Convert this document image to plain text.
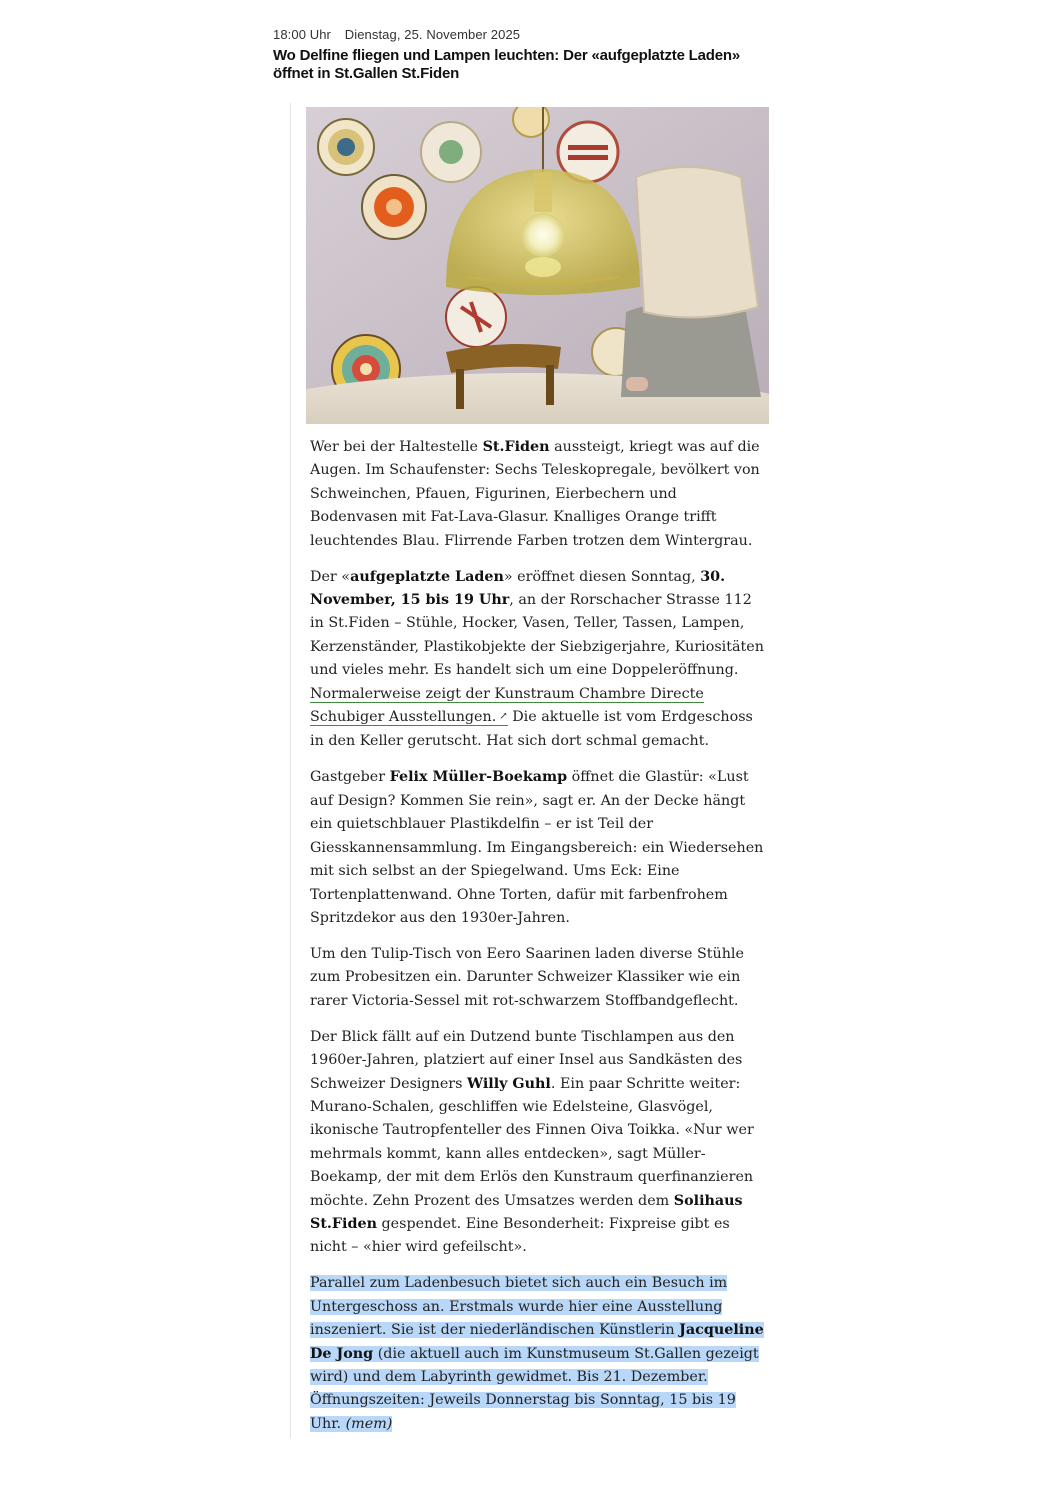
18:00 Uhr Dienstag, 25. November 2025
Wo Delfine fliegen und Lampen leuchten: Der «aufgeplatzte Laden» öffnet in St.Gallen St.Fiden

Wer bei der Haltestelle St.Fiden aussteigt, kriegt was auf die Augen. Im Schaufenster: Sechs Teleskopregale, bevölkert von Schweinchen, Pfauen, Figurinen, Eierbechern und Bodenvasen mit Fat-Lava-Glasur. Knalliges Orange trifft leuchtendes Blau. Flirrende Farben trotzen dem Wintergrau.

Der «aufgeplatzte Laden» eröffnet diesen Sonntag, 30. November, 15 bis 19 Uhr, an der Rorschacher Strasse 112 in St.Fiden – Stühle, Hocker, Vasen, Teller, Tassen, Lampen, Kerzenständer, Plastikobjekte der Siebzigerjahre, Kuriositäten und vieles mehr. Es handelt sich um eine Doppeleröffnung. Normalerweise zeigt der Kunstraum Chambre Directe Schubiger Ausstellungen. ↗ Die aktuelle ist vom Erdgeschoss in den Keller gerutscht. Hat sich dort schmal gemacht.

Gastgeber Felix Müller-Boekamp öffnet die Glastür: «Lust auf Design? Kommen Sie rein», sagt er. An der Decke hängt ein quietschblauer Plastikdelfin – er ist Teil der Giesskannensammlung. Im Eingangsbereich: ein Wiedersehen mit sich selbst an der Spiegelwand. Ums Eck: Eine Tortenplattenwand. Ohne Torten, dafür mit farbenfrohem Spritzdekor aus den 1930er-Jahren.

Um den Tulip-Tisch von Eero Saarinen laden diverse Stühle zum Probesitzen ein. Darunter Schweizer Klassiker wie ein rarer Victoria-Sessel mit rot-schwarzem Stoffbandgeflecht.

Der Blick fällt auf ein Dutzend bunte Tischlampen aus den 1960er-Jahren, platziert auf einer Insel aus Sandkästen des Schweizer Designers Willy Guhl. Ein paar Schritte weiter: Murano-Schalen, geschliffen wie Edelsteine, Glasvögel, ikonische Tautropfenteller des Finnen Oiva Toikka. «Nur wer mehrmals kommt, kann alles entdecken», sagt Müller-Boekamp, der mit dem Erlös den Kunstraum querfinanzieren möchte. Zehn Prozent des Umsatzes werden dem Solihaus St.Fiden gespendet. Eine Besonderheit: Fixpreise gibt es nicht – «hier wird gefeilscht».

Parallel zum Ladenbesuch bietet sich auch ein Besuch im Untergeschoss an. Erstmals wurde hier eine Ausstellung inszeniert. Sie ist der niederländischen Künstlerin Jacqueline De Jong (die aktuell auch im Kunstmuseum St.Gallen gezeigt wird) und dem Labyrinth gewidmet. Bis 21. Dezember. Öffnungszeiten: Jeweils Donnerstag bis Sonntag, 15 bis 19 Uhr. (mem)
